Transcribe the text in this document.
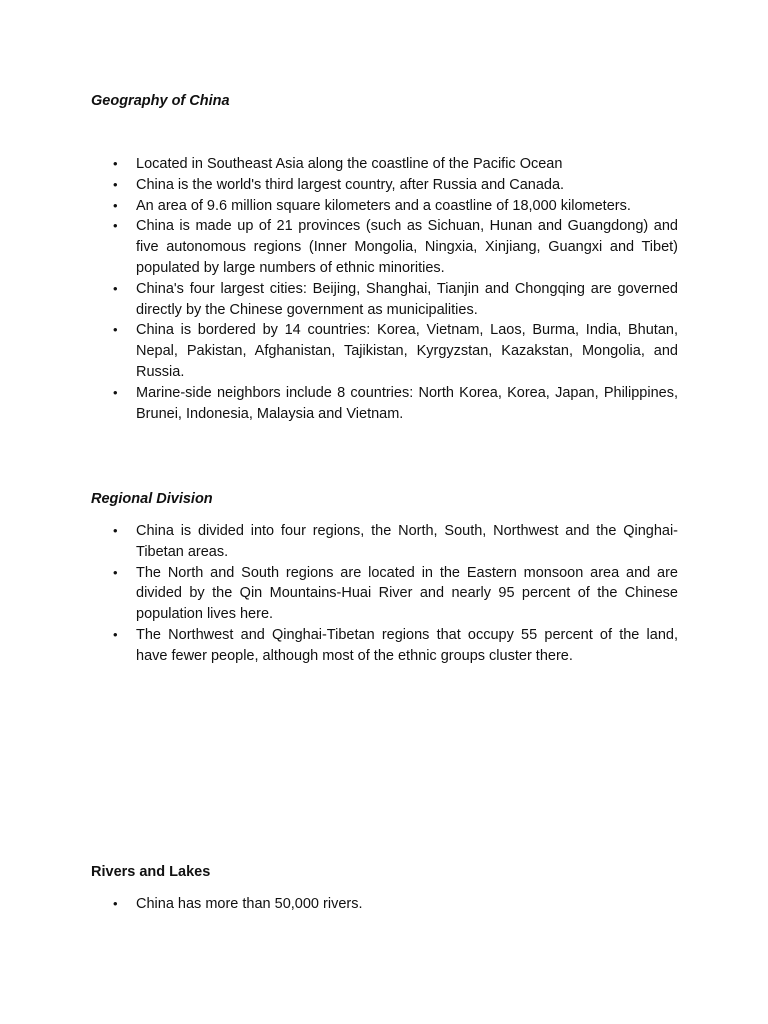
Geography of China
• Located in Southeast Asia along the coastline of the Pacific Ocean
• China is the world's third largest country, after Russia and Canada.
• An area of 9.6 million square kilometers and a coastline of 18,000 kilometers.
• China is made up of 21 provinces (such as Sichuan, Hunan and Guangdong) and five autonomous regions (Inner Mongolia, Ningxia, Xinjiang, Guangxi and Tibet) populated by large numbers of ethnic minorities.
• China's four largest cities: Beijing, Shanghai, Tianjin and Chongqing are governed directly by the Chinese government as municipalities.
• China is bordered by 14 countries: Korea, Vietnam, Laos, Burma, India, Bhutan, Nepal, Pakistan, Afghanistan, Tajikistan, Kyrgyzstan, Kazakstan, Mongolia, and Russia.
• Marine-side neighbors include 8 countries: North Korea, Korea, Japan, Philippines, Brunei, Indonesia, Malaysia and Vietnam.
Regional Division
• China is divided into four regions, the North, South, Northwest and the Qinghai-Tibetan areas.
• The North and South regions are located in the Eastern monsoon area and are divided by the Qin Mountains-Huai River and nearly 95 percent of the Chinese population lives here.
• The Northwest and Qinghai-Tibetan regions that occupy 55 percent of the land, have fewer people, although most of the ethnic groups cluster there.
Rivers and Lakes
• China has more than 50,000 rivers.
